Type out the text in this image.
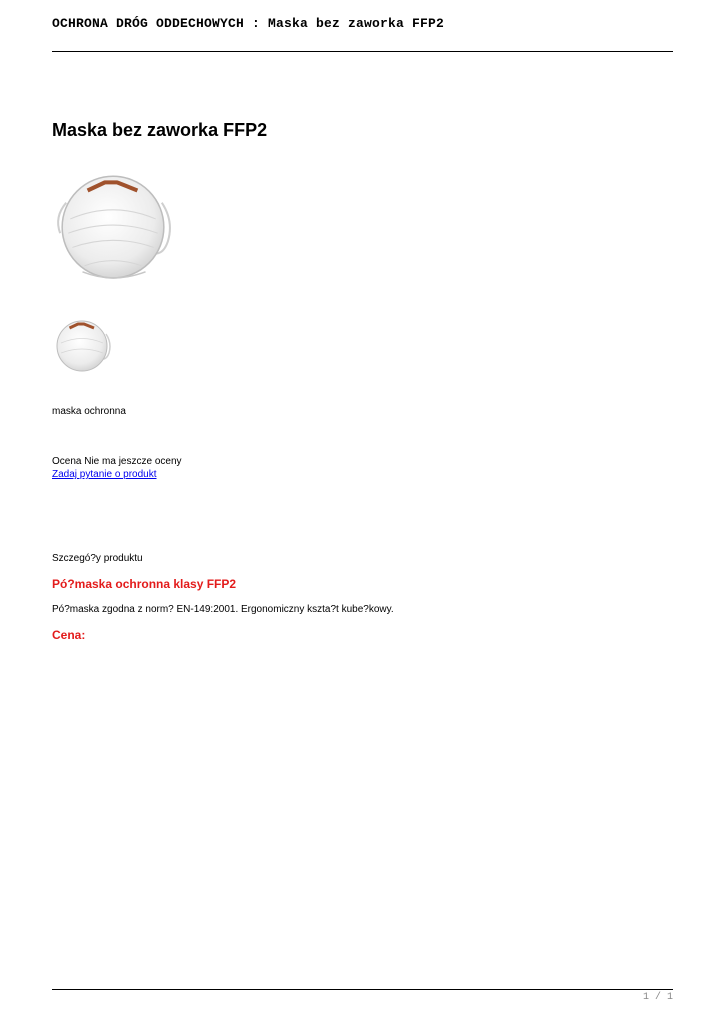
OCHRONA DRÓG ODDECHOWYCH : Maska bez zaworka FFP2
Maska bez zaworka FFP2
maska ochronna
Ocena Nie ma jeszcze oceny
Zadaj pytanie o produkt
Szczegó?y produktu
Pó?maska ochronna klasy FFP2
Pó?maska zgodna z norm? EN-149:2001. Ergonomiczny kszta?t kube?kowy.
Cena:
1 / 1
